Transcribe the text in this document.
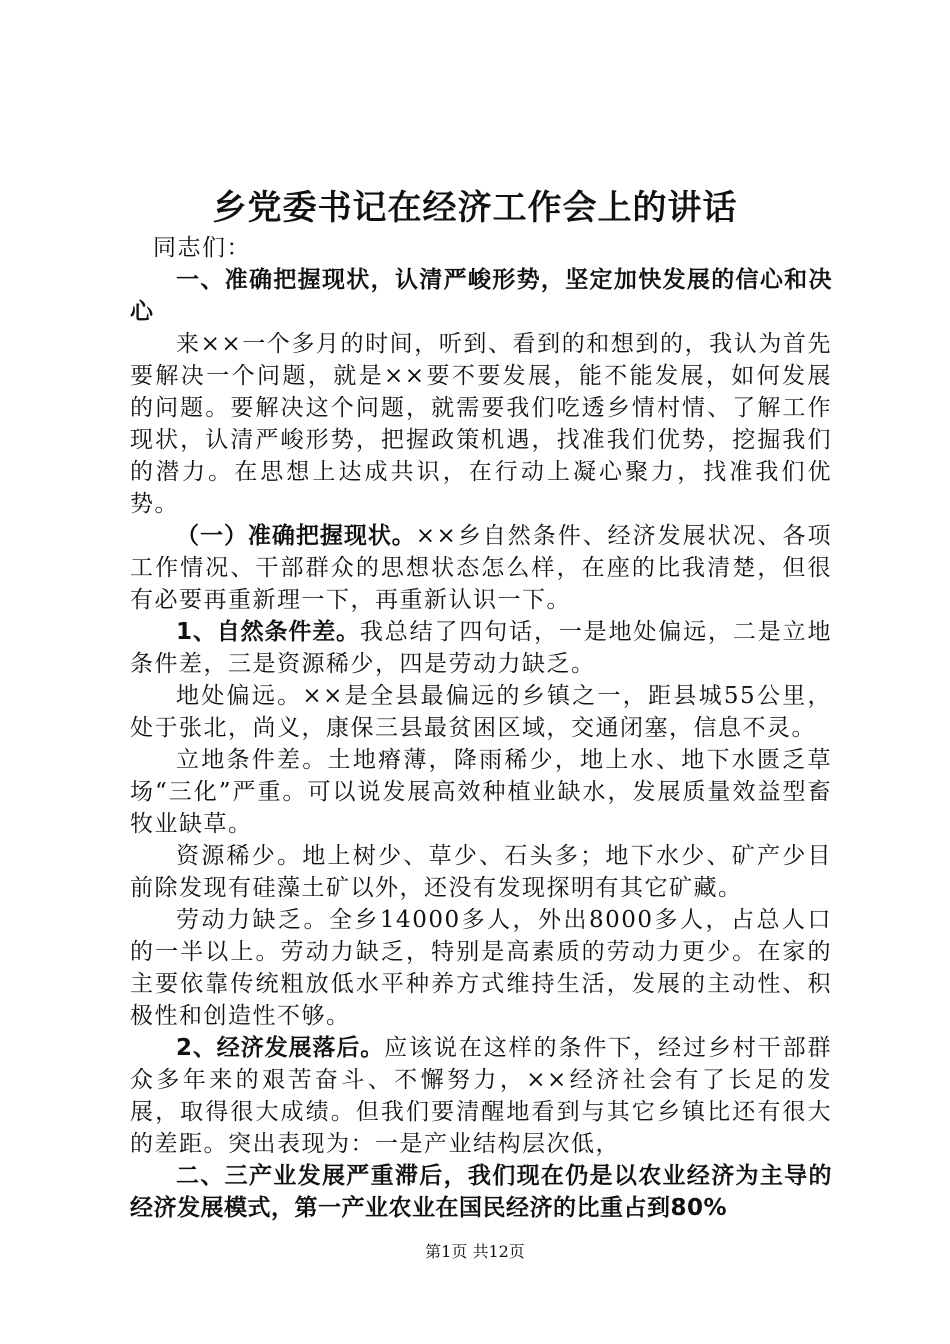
乡党委书记在经济工作会上的讲话

同志们：

一、准确把握现状，认清严峻形势，坚定加快发展的信心和决心

来××一个多月的时间，听到、看到的和想到的，我认为首先要解决一个问题，就是××要不要发展，能不能发展，如何发展的问题。要解决这个问题，就需要我们吃透乡情村情、了解工作现状，认清严峻形势，把握政策机遇，找准我们优势，挖掘我们的潜力。在思想上达成共识，在行动上凝心聚力，找准我们优势。

（一）准确把握现状。××乡自然条件、经济发展状况、各项工作情况、干部群众的思想状态怎么样，在座的比我清楚，但很有必要再重新理一下，再重新认识一下。

1、自然条件差。我总结了四句话，一是地处偏远，二是立地条件差，三是资源稀少，四是劳动力缺乏。

地处偏远。××是全县最偏远的乡镇之一，距县城55公里，处于张北，尚义，康保三县最贫困区域，交通闭塞，信息不灵。

立地条件差。土地瘠薄，降雨稀少，地上水、地下水匮乏草场“三化”严重。可以说发展高效种植业缺水，发展质量效益型畜牧业缺草。

资源稀少。地上树少、草少、石头多；地下水少、矿产少目前除发现有硅藻土矿以外，还没有发现探明有其它矿藏。

劳动力缺乏。全乡14000多人，外出8000多人，占总人口的一半以上。劳动力缺乏，特别是高素质的劳动力更少。在家的主要依靠传统粗放低水平种养方式维持生活，发展的主动性、积极性和创造性不够。

2、经济发展落后。应该说在这样的条件下，经过乡村干部群众多年来的艰苦奋斗、不懈努力，××经济社会有了长足的发展，取得很大成绩。但我们要清醒地看到与其它乡镇比还有很大的差距。突出表现为：一是产业结构层次低，

二、三产业发展严重滞后，我们现在仍是以农业经济为主导的经济发展模式，第一产业农业在国民经济的比重占到80%

第1页 共12页
